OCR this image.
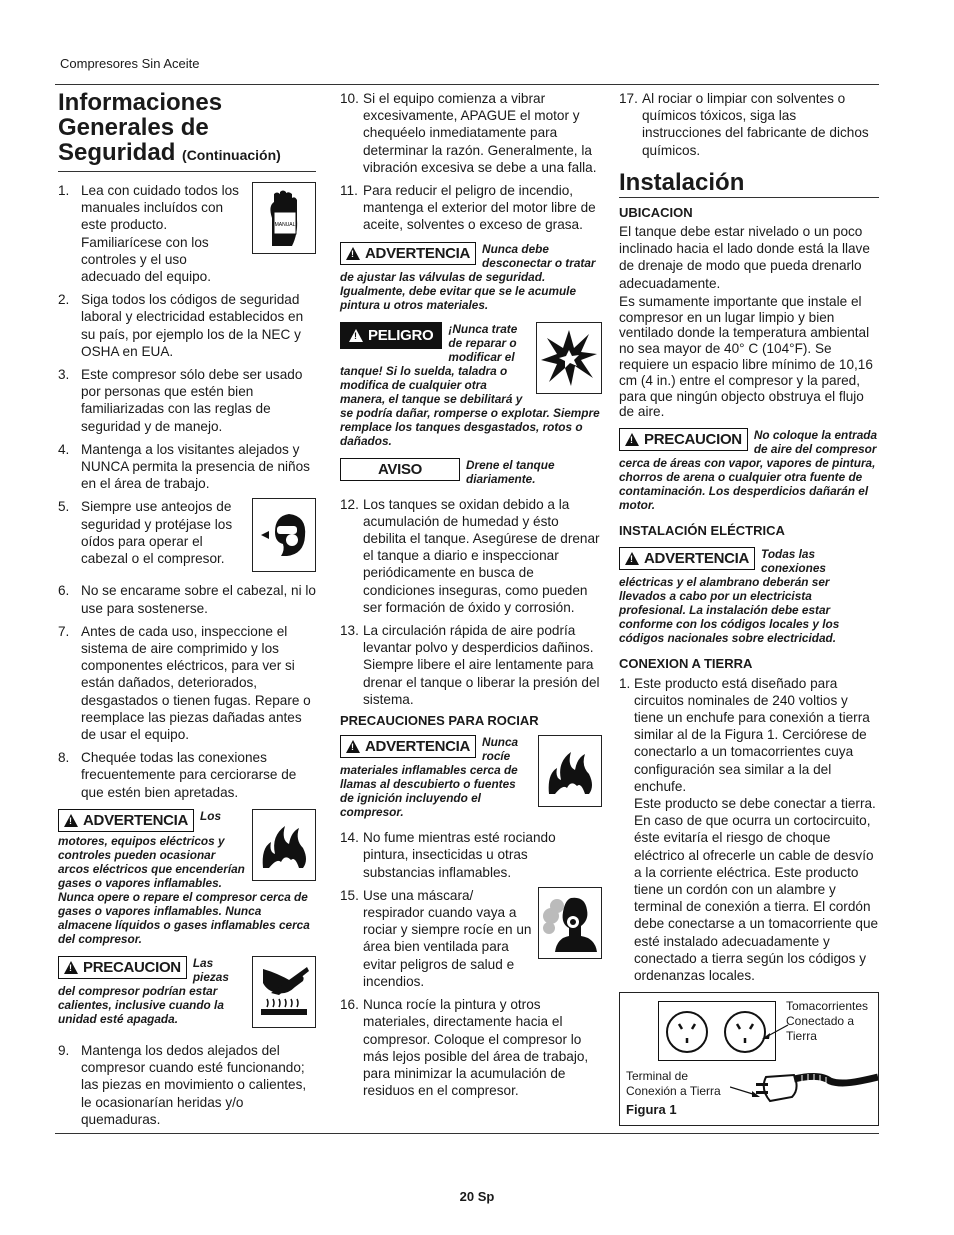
Compresores Sin Aceite
Informaciones Generales de Seguridad (Continuación)
1.
MANUAL
Lea con cuidado todos los manuales incluídos con este producto. Familiarícese con los controles y el uso adecuado del equipo.
2. Siga todos los códigos de seguridad laboral y electricidad establecidos en su país, por ejemplo los de la NEC y OSHA en EUA.
3. Este compresor sólo debe ser usado por personas que estén bien familiarizadas con las reglas de seguridad y de manejo.
4. Mantenga a los visitantes alejados y NUNCA permita la presencia de niños en el área de trabajo.
5. Siempre use anteojos de seguridad y protéjase los oídos para operar el cabezal o el compresor.
6. No se encarame sobre el cabezal, ni lo use para sostenerse.
7. Antes de cada uso, inspeccione el sistema de aire comprimido y los componentes eléctricos, para ver si están dañados, deteriorados, desgastados o tienen fugas. Repare o reemplace las piezas dañadas antes de usar el equipo.
8. Chequée todas las conexiones frecuentemente para cerciorarse de que estén bien apretadas.
!
ADVERTENCIA Los motores, equipos eléctricos y controles pueden ocasionar arcos eléctricos que encenderían gases o vapores inflamables. Nunca opere o repare el compresor cerca de gases o vapores inflamables. Nunca almacene líquidos o gases inflamables cerca del compresor.
!
PRECAUCION Las piezas del compresor podrían estar calientes, inclusive cuando la unidad esté apagada.
9. Mantenga los dedos alejados del compresor cuando esté funcionando; las piezas en movimiento o calientes, le ocasionarían heridas y/o quemaduras.
10. Si el equipo comienza a vibrar excesivamente, APAGUE el motor y chequéelo inmediatamente para determinar la razón. Generalmente, la vibración excesiva se debe a una falla.
11. Para reducir el peligro de incendio, mantenga el exterior del motor libre de aceite, solventes o exceso de grasa.
!
ADVERTENCIA Nunca debe desconectar o tratar de ajustar las válvulas de seguridad. Igualmente, debe evitar que se le acumule pintura u otros materiales.
!
PELIGRO ¡Nunca trate de reparar o modificar el tanque! Si lo suelda, taladra o modifica de cualquier otra manera, el tanque se debilitará y se podría dañar, romperse o explotar. Siempre remplace los tanques desgastados, rotos o dañados.
AVISO	Drene el tanque diariamente.
12. Los tanques se oxidan debido a la acumulación de humedad y ésto debilita el tanque. Asegúrese de drenar el tanque a diario e inspeccionar periódicamente en busca de condiciones inseguras, como pueden ser formación de óxido y corrosión.
13. La circulación rápida de aire podría levantar polvo y desperdicios dañinos. Siempre libere el aire lentamente para drenar el tanque o liberar la presión del sistema.
PRECAUCIONES PARA ROCIAR
!
ADVERTENCIA Nunca rocíe materiales inflamables cerca de llamas al descubierto o fuentes de ignición incluyendo el compresor.
14. No fume mientras esté rociando pintura, insecticidas u otras substancias inflamables.
15. Use una máscara/ respirador cuando vaya a rociar y siempre rocíe en un área bien ventilada para evitar peligros de salud e incendios.
16. Nunca rocíe la pintura y otros materiales, directamente hacia el compresor. Coloque el compresor lo más lejos posible del área de trabajo, para minimizar la acumulación de residuos en el compresor.
17. Al rociar o limpiar con solventes o químicos tóxicos, siga las instrucciones del fabricante de dichos químicos.
Instalación
UBICACION

El tanque debe estar nivelado o un poco inclinado hacia el lado donde está la llave de drenaje de modo que pueda drenarlo adecuadamente.

Es sumamente importante que instale el compresor en un lugar limpio y bien ventilado donde la temperatura ambiental no sea mayor de 40° C (104°F). Se requiere un espacio libre mínimo de 10,16 cm (4 in.) entre el compresor y la pared, para que ningún objecto obstruya el flujo de aire.

!
PRECAUCION No coloque la entrada de aire del compresor cerca de áreas con vapor, vapores de pintura, chorros de arena o cualquier otra fuente de contaminación. Los desperdicios dañarán el motor.
INSTALACIÓN ELÉCTRICA
!
ADVERTENCIA Todas las conexiones eléctricas y el alambrano deberán ser llevados a cabo por un electricista profesional. La instalación debe estar conforme con los códigos locales y los códigos nacionales sobre electricidad.
CONEXION A TIERRA
1. Este producto está diseñado para circuitos nominales de 240 voltios y tiene un enchufe para conexión a tierra similar al de la Figura 1. Cerciórese de conectarlo a un tomacorrientes cuya configuración sea similar a la del enchufe.
Este producto se debe conectar a tierra. En caso de que ocurra un cortocircuito, éste evitaría el riesgo de choque eléctrico al ofrecerle un cable de desvío a la corriente eléctrica. Este producto tiene un cordón con un alambre y terminal de conexión a tierra. El cordón debe conectarse a un tomacorriente que esté instalado adecuadamente y conectado a tierra según los códigos y ordenanzas locales.
Tomacorrientes Conectado a Tierra
Terminal de Conexión a Tierra
Figura 1
20 Sp
